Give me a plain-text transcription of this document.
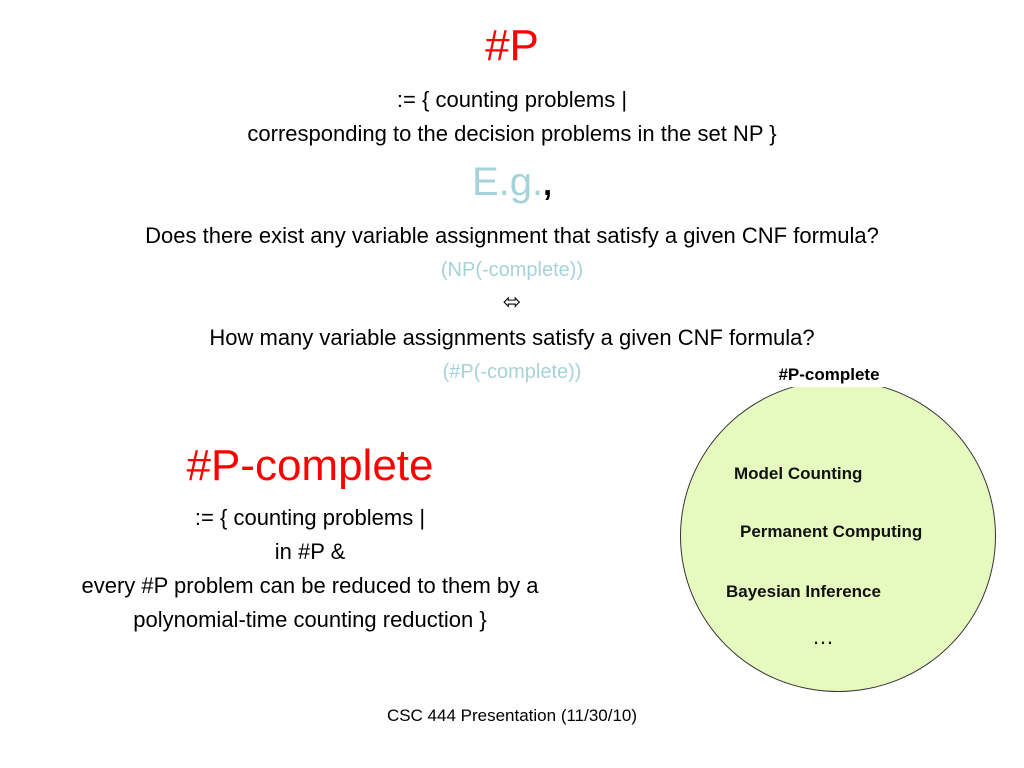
#P
:= { counting problems |
corresponding to the decision problems in the set NP }
E.g.,
Does there exist any variable assignment that satisfy a given CNF formula?
(NP(-complete))
⬄
How many variable assignments satisfy a given CNF formula?
(#P(-complete))
#P-complete
:= { counting problems |
in #P &
every #P problem can be reduced to them by a
polynomial-time counting reduction }
#P-complete
Model Counting
Permanent Computing
Bayesian Inference
…
CSC 444 Presentation (11/30/10)
